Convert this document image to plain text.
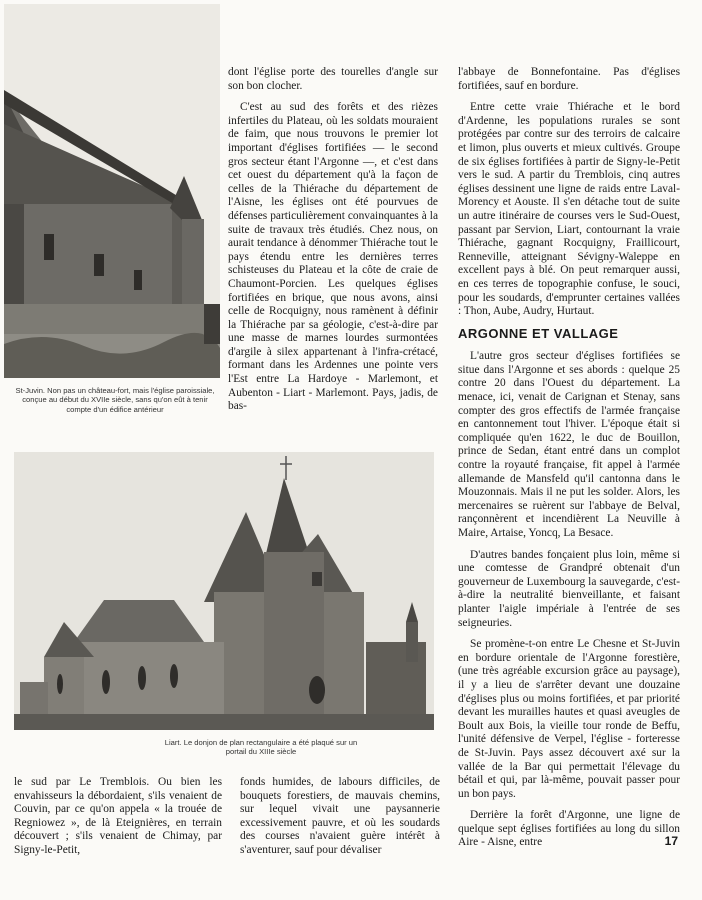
St-Juvin. Non pas un château-fort, mais l'église paroissiale, conçue au début du XVIIe siècle, sans qu'on eût à tenir compte d'un édifice antérieur
Liart. Le donjon de plan rectangulaire a été plaqué sur un portail du XIIIe siècle

dont l'église porte des tourelles d'angle sur son bon clocher.

C'est au sud des forêts et des rièzes infertiles du Plateau, où les soldats mouraient de faim, que nous trouvons le premier lot important d'églises fortifiées — le second gros secteur étant l'Argonne —, et c'est dans cet ouest du département qu'à la façon de celles de la Thiérache du département de l'Aisne, les églises ont été pourvues de défenses particulièrement convainquantes à la suite de travaux très étudiés. Chez nous, on aurait tendance à dénommer Thiérache tout le pays étendu entre les dernières terres schisteuses du Plateau et la côte de craie de Chaumont-Porcien. Les quelques églises fortifiées en brique, que nous avons, ainsi celle de Rocquigny, nous ramènent à définir la Thiérache par sa géologie, c'est-à-dire par une masse de marnes lourdes surmontées d'argile à silex appartenant à l'infra-crétacé, formant dans les Ardennes une pointe vers l'Est entre La Hardoye - Marlemont, et Aubenton - Liart - Marlemont. Pays, jadis, de bas-

l'abbaye de Bonnefontaine. Pas d'églises fortifiées, sauf en bordure.

Entre cette vraie Thiérache et le bord d'Ardenne, les populations rurales se sont protégées par contre sur des terroirs de calcaire et limon, plus ouverts et mieux cultivés. Groupe de six églises fortifiées à partir de Signy-le-Petit vers le sud. A partir du Tremblois, cinq autres églises dessinent une ligne de raids entre Laval-Morency et Aouste. Il s'en détache tout de suite un autre itinéraire de courses vers le Sud-Ouest, passant par Servion, Liart, contournant la vraie Thiérache, gagnant Rocquigny, Fraillicourt, Renneville, atteignant Sévigny-Waleppe en excellent pays à blé. On peut remarquer aussi, en ces terres de topographie confuse, le souci, pour les soudards, d'emprunter certaines vallées : Thon, Aube, Audry, Hurtaut.

ARGONNE ET VALLAGE

L'autre gros secteur d'églises fortifiées se situe dans l'Argonne et ses abords : quelque 25 contre 20 dans l'Ouest du département. La menace, ici, venait de Carignan et Stenay, sans compter des gros effectifs de l'armée française en cantonnement tout l'hiver. L'époque était si compliquée qu'en 1622, le duc de Bouillon, prince de Sedan, étant entré dans un complot contre la royauté française, fit appel à l'armée allemande de Mansfeld qu'il cantonna dans le Mouzonnais. Mais il ne put les solder. Alors, les mercenaires se ruèrent sur l'abbaye de Belval, rançonnèrent et incendièrent La Neuville à Maire, Artaise, Yoncq, La Besace.

D'autres bandes fonçaient plus loin, même si une comtesse de Grandpré obtenait d'un gouverneur de Luxembourg la sauvegarde, c'est-à-dire la neutralité bienveillante, et faisant planter l'aigle impériale à l'entrée de ses seigneuries.

Se promène-t-on entre Le Chesne et St-Juvin en bordure orientale de l'Argonne forestière, (une très agréable excursion grâce au paysage), il y a lieu de s'arrêter devant une douzaine d'églises plus ou moins fortifiées, et par priorité devant les murailles hautes et quasi aveugles de Boult aux Bois, la vieille tour ronde de Beffu, l'unité défensive de Verpel, l'église - forteresse de St-Juvin. Pays assez découvert axé sur la vallée de la Bar qui permettait l'élevage du bétail et qui, par là-même, pouvait passer pour un bon pays.

Derrière la forêt d'Argonne, une ligne de quelque sept églises fortifiées au long du sillon Aire - Aisne, entre

le sud par Le Tremblois. Ou bien les envahisseurs la débordaient, s'ils venaient de Couvin, par ce qu'on appela « la trouée de Regniowez », de là Eteignières, en terrain découvert ; s'ils venaient de Chimay, par Signy-le-Petit,

fonds humides, de labours difficiles, de bouquets forestiers, de mauvais chemins, sur lequel vivait une paysannerie excessivement pauvre, et où les soudards des courses n'avaient guère intérêt à s'aventurer, sauf pour dévaliser

17
